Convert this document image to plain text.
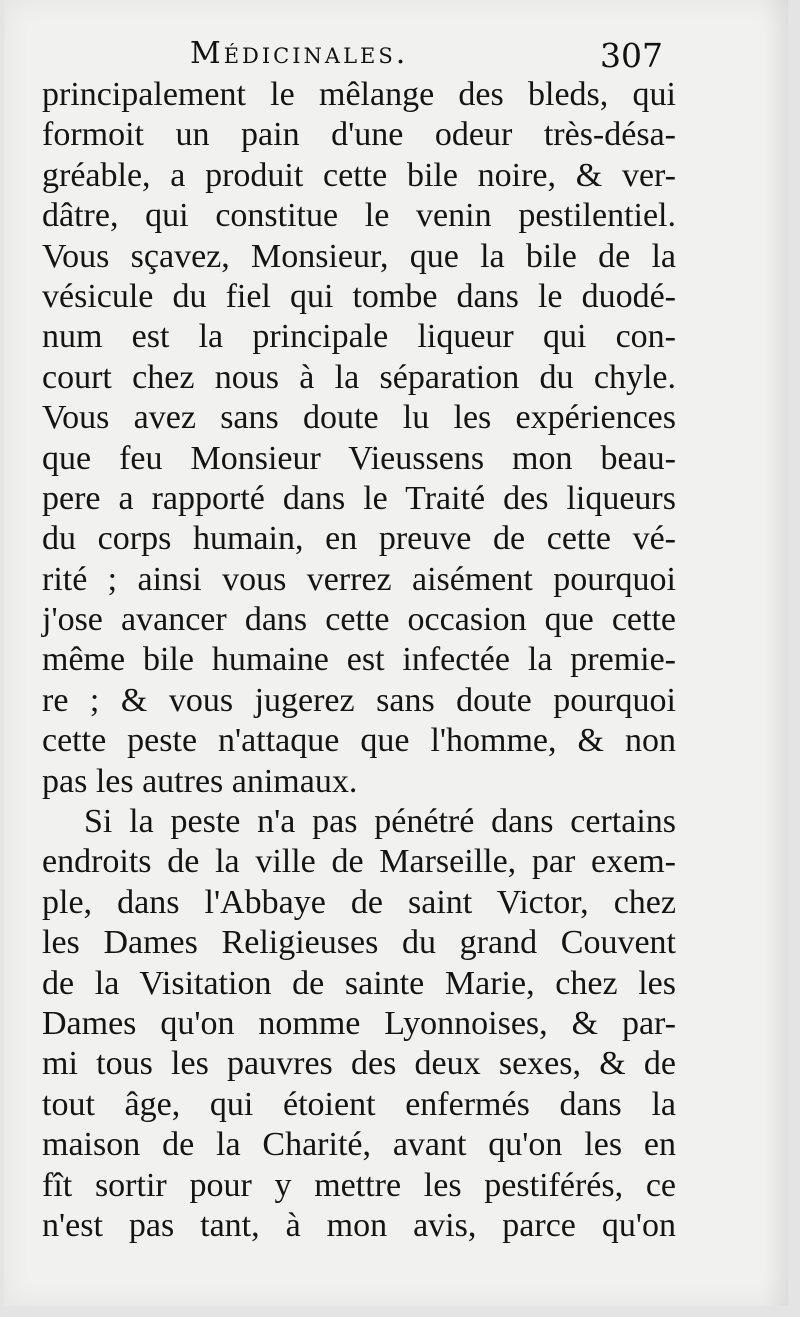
Médicinales.	307
principalement le mêlange des bleds, qui
formoit un pain d'une odeur très-désa-
gréable, a produit cette bile noire, & ver-
dâtre, qui constitue le venin pestilentiel.
Vous sçavez, Monsieur, que la bile de la
vésicule du fiel qui tombe dans le duodé-
num est la principale liqueur qui con-
court chez nous à la séparation du chyle.
Vous avez sans doute lu les expériences
que feu Monsieur Vieussens mon beau-
pere a rapporté dans le Traité des liqueurs
du corps humain, en preuve de cette vé-
rité ; ainsi vous verrez aisément pourquoi
j'ose avancer dans cette occasion que cette
même bile humaine est infectée la premie-
re ; & vous jugerez sans doute pourquoi
cette peste n'attaque que l'homme, & non
pas les autres animaux.
Si la peste n'a pas pénétré dans certains
endroits de la ville de Marseille, par exem-
ple, dans l'Abbaye de saint Victor, chez
les Dames Religieuses du grand Couvent
de la Visitation de sainte Marie, chez les
Dames qu'on nomme Lyonnoises, & par-
mi tous les pauvres des deux sexes, & de
tout âge, qui étoient enfermés dans la
maison de la Charité, avant qu'on les en
fît sortir pour y mettre les pestiférés, ce
n'est pas tant, à mon avis, parce qu'on
